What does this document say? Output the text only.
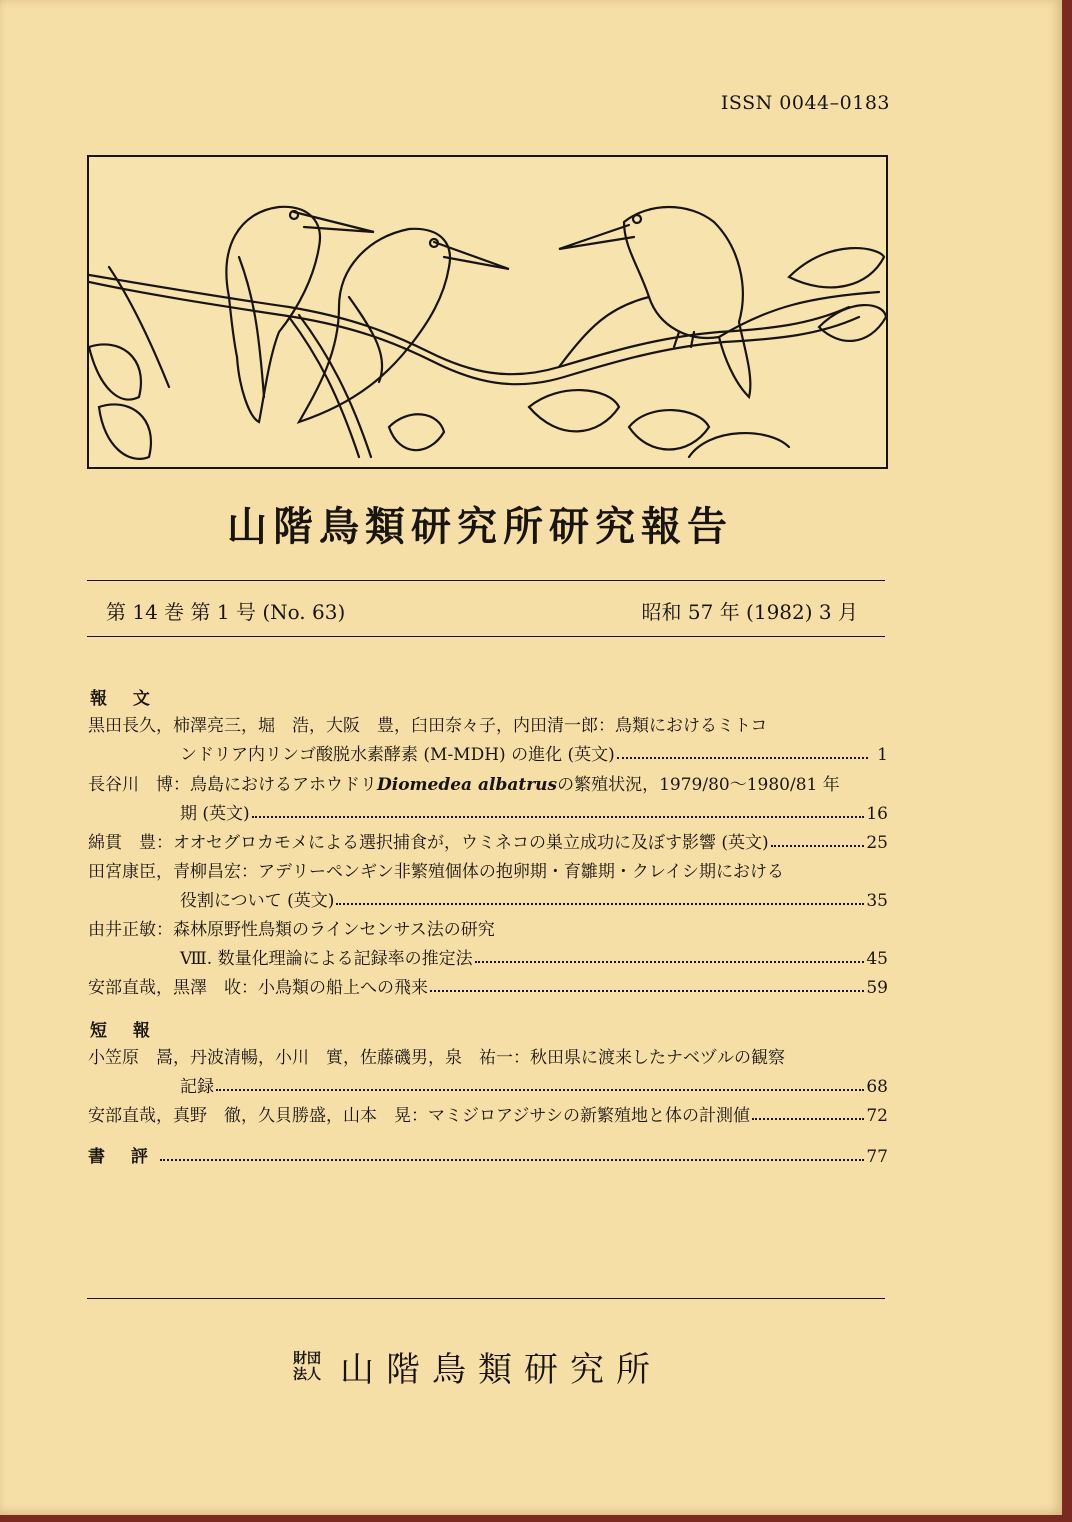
ISSN 0044–0183
山階鳥類研究所研究報告
第 14 巻 第 1 号 (No. 63)	昭和 57 年 (1982) 3 月
報 文
黒田長久，柿澤亮三，堀　浩，大阪　豊，臼田奈々子，内田清一郎：鳥類におけるミトコ
ンドリア内リンゴ酸脱水素酵素 (M-MDH) の進化 (英文)	1
長谷川　博：鳥島におけるアホウドリ Diomedea albatrus の繁殖状況，1979/80～1980/81 年
期 (英文)	16
綿貫　豊：オオセグロカモメによる選択捕食が，ウミネコの巣立成功に及ぼす影響 (英文)	25
田宮康臣，青柳昌宏：アデリーペンギン非繁殖個体の抱卵期・育雛期・クレイシ期における
役割について (英文)	35
由井正敏：森林原野性鳥類のラインセンサス法の研究
Ⅷ. 数量化理論による記録率の推定法	45
安部直哉，黒澤　收：小鳥類の船上への飛来	59
短 報
小笠原　暠，丹波清暢，小川　實，佐藤磯男，泉　祐一：秋田県に渡来したナベヅルの観察
記録	68
安部直哉，真野　徹，久貝勝盛，山本　晃：マミジロアジサシの新繁殖地と体の計測値	72
書 評	77
財団
法人 山階鳥類研究所
